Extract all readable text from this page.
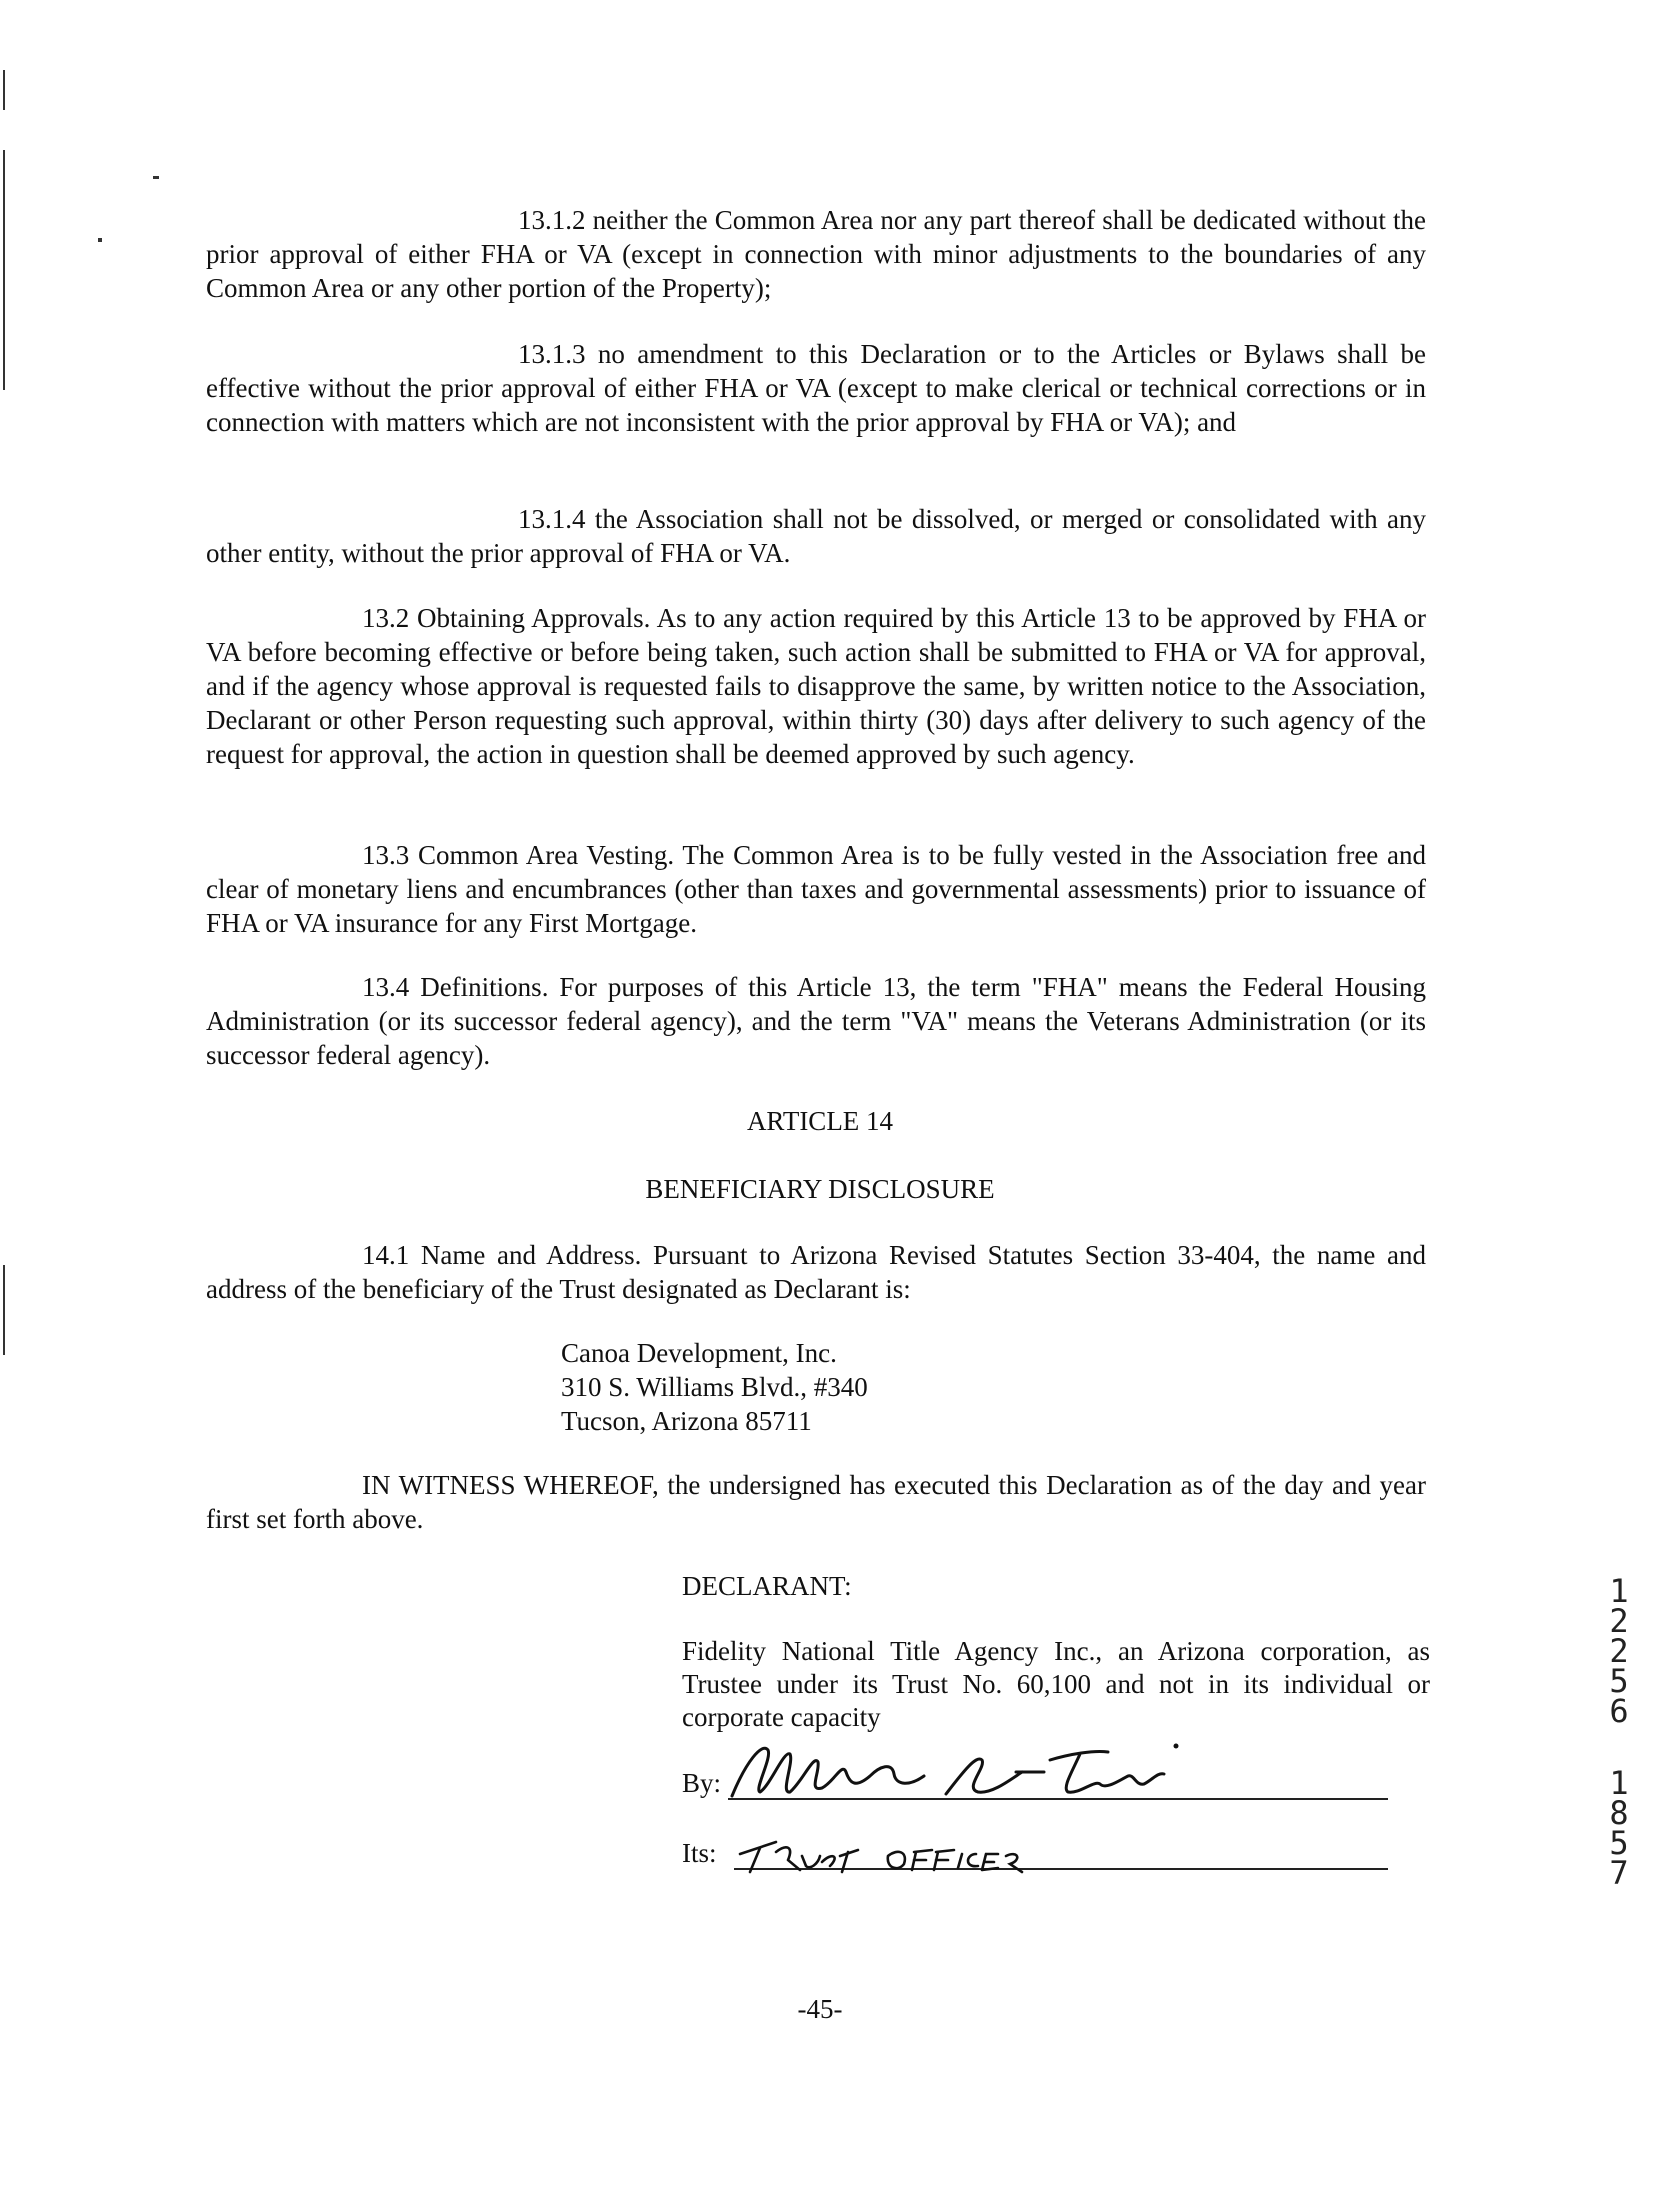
13.1.2 neither the Common Area nor any part thereof shall be dedicated without the prior approval of either FHA or VA (except in connection with minor adjustments to the boundaries of any Common Area or any other portion of the Property);
13.1.3 no amendment to this Declaration or to the Articles or Bylaws shall be effective without the prior approval of either FHA or VA (except to make clerical or technical corrections or in connection with matters which are not inconsistent with the prior approval by FHA or VA); and
13.1.4 the Association shall not be dissolved, or merged or consolidated with any other entity, without the prior approval of FHA or VA.
13.2 Obtaining Approvals. As to any action required by this Article 13 to be approved by FHA or VA before becoming effective or before being taken, such action shall be submitted to FHA or VA for approval, and if the agency whose approval is requested fails to disapprove the same, by written notice to the Association, Declarant or other Person requesting such approval, within thirty (30) days after delivery to such agency of the request for approval, the action in question shall be deemed approved by such agency.
13.3 Common Area Vesting. The Common Area is to be fully vested in the Association free and clear of monetary liens and encumbrances (other than taxes and governmental assessments) prior to issuance of FHA or VA insurance for any First Mortgage.
13.4 Definitions. For purposes of this Article 13, the term "FHA" means the Federal Housing Administration (or its successor federal agency), and the term "VA" means the Veterans Administration (or its successor federal agency).
ARTICLE 14
BENEFICIARY DISCLOSURE
14.1 Name and Address. Pursuant to Arizona Revised Statutes Section 33-404, the name and address of the beneficiary of the Trust designated as Declarant is:
Canoa Development, Inc.
310 S. Williams Blvd., #340
Tucson, Arizona 85711
IN WITNESS WHEREOF, the undersigned has executed this Declaration as of the day and year first set forth above.
DECLARANT:
Fidelity National Title Agency Inc., an Arizona corporation, as Trustee under its Trust No. 60,100 and not in its individual or corporate capacity
By:
Its:
1
2
2
5
6
1
8
5
7
-45-
